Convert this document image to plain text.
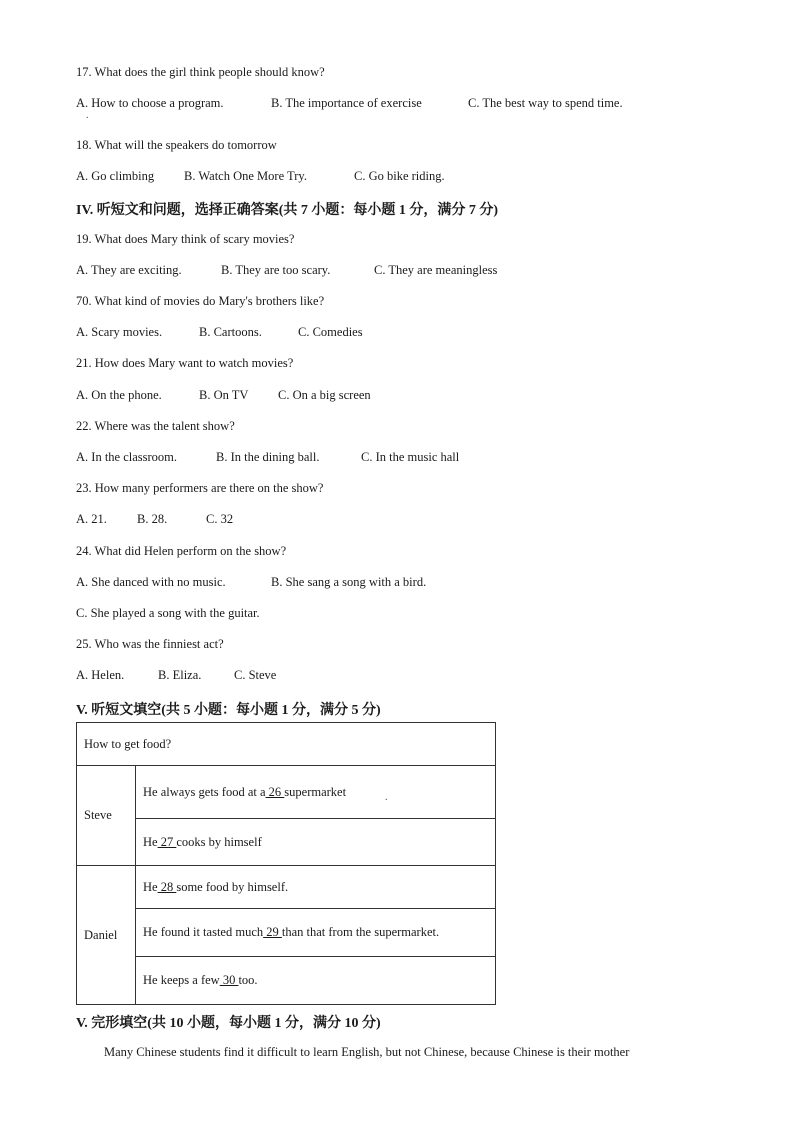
17. What does the girl think people should know?
A. How to choose a program.	B. The importance of exercise	C. The best way to spend time.
.
18. What will the speakers do tomorrow
A. Go climbing B. Watch One More Try.	C. Go bike riding.
IV. 听短文和问题，选择正确答案(共 7 小题：每小题 1 分，满分 7 分)
19. What does Mary think of scary movies?
A. They are exciting.	B. They are too scary.	C. They are meaningless
70. What kind of movies do Mary's brothers like?
A. Scary movies.	B. Cartoons.	C. Comedies
21. How does Mary want to watch movies?
A. On the phone.	B. On TV C. On a big screen
22. Where was the talent show?
A. In the classroom.	B. In the dining ball.	C. In the music hall
23. How many performers are there on the show?
A. 21. B. 28.	C. 32
24. What did Helen perform on the show?
A. She danced with no music.	B. She sang a song with a bird.
C. She played a song with the guitar.
25. Who was the finniest act?
A. Helen.	B. Eliza.	C. Steve
V. 听短文填空(共 5 小题：每小题 1 分，满分 5 分)
How to get food?	
Steve	He always gets food at a 26 supermarket
	He 27 cooks by himself
Daniel	He 28 some food by himself.
	He found it tasted much 29 than that from the supermarket.
	He keeps a few 30 too.
.
V. 完形填空(共 10 小题，每小题 1 分，满分 10 分)
Many Chinese students find it difficult to learn English, but not Chinese, because Chinese is their mother
